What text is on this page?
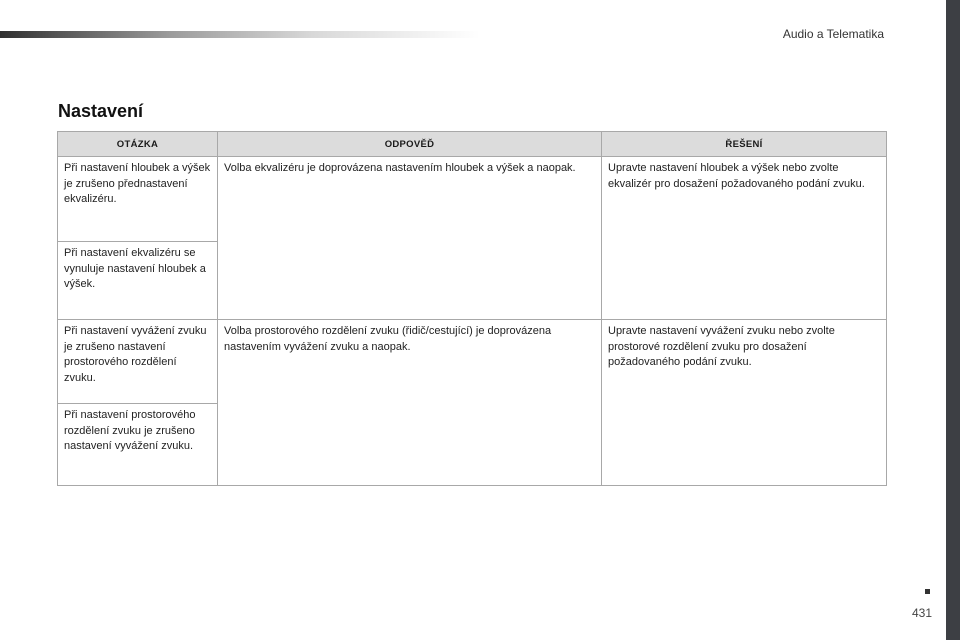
Audio a Telematika
Nastavení
OTÁZKA	ODPOVĚĎ	ŘEŠENÍ
Při nastavení hloubek a výšek je zrušeno přednastavení ekvalizéru.	Volba ekvalizéru je doprovázena nastavením hloubek a výšek a naopak.	Upravte nastavení hloubek a výšek nebo zvolte ekvalizér pro dosažení požadovaného podání zvuku.
Při nastavení ekvalizéru se vynuluje nastavení hloubek a výšek.		
Při nastavení vyvážení zvuku je zrušeno nastavení prostorového rozdělení zvuku.	Volba prostorového rozdělení zvuku (řidič/cestující) je doprovázena nastavením vyvážení zvuku a naopak.	Upravte nastavení vyvážení zvuku nebo zvolte prostorové rozdělení zvuku pro dosažení požadovaného podání zvuku.
Při nastavení prostorového rozdělení zvuku je zrušeno nastavení vyvážení zvuku.		
431
